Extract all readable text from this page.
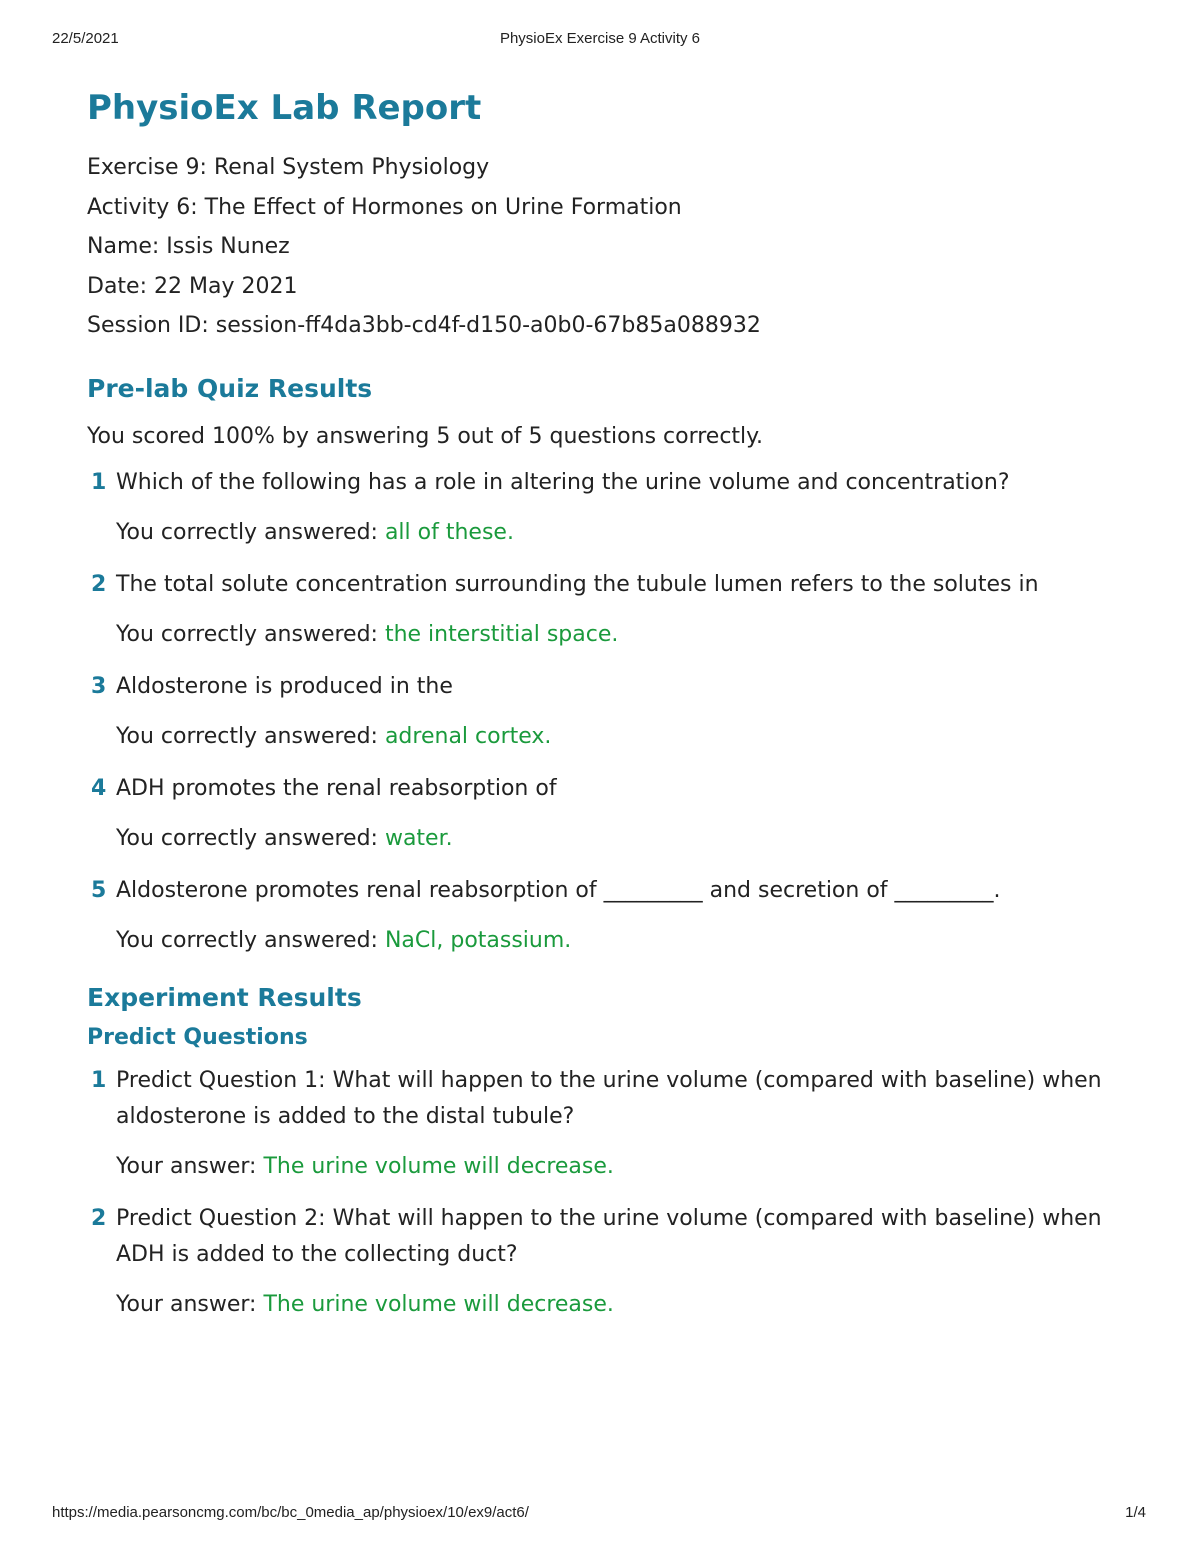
22/5/2021	PhysioEx Exercise 9 Activity 6
PhysioEx Lab Report
Exercise 9: Renal System Physiology
Activity 6: The Effect of Hormones on Urine Formation
Name: Issis Nunez
Date: 22 May 2021
Session ID: session-ff4da3bb-cd4f-d150-a0b0-67b85a088932
Pre-lab Quiz Results
You scored 100% by answering 5 out of 5 questions correctly.
1 Which of the following has a role in altering the urine volume and concentration?
You correctly answered: all of these.
2 The total solute concentration surrounding the tubule lumen refers to the solutes in
You correctly answered: the interstitial space.
3 Aldosterone is produced in the
You correctly answered: adrenal cortex.
4 ADH promotes the renal reabsorption of
You correctly answered: water.
5 Aldosterone promotes renal reabsorption of _________ and secretion of _________.
You correctly answered: NaCl, potassium.
Experiment Results
Predict Questions
1 Predict Question 1: What will happen to the urine volume (compared with baseline) when aldosterone is added to the distal tubule?
Your answer: The urine volume will decrease.
2 Predict Question 2: What will happen to the urine volume (compared with baseline) when ADH is added to the collecting duct?
Your answer: The urine volume will decrease.
https://media.pearsoncmg.com/bc/bc_0media_ap/physioex/10/ex9/act6/	1/4
